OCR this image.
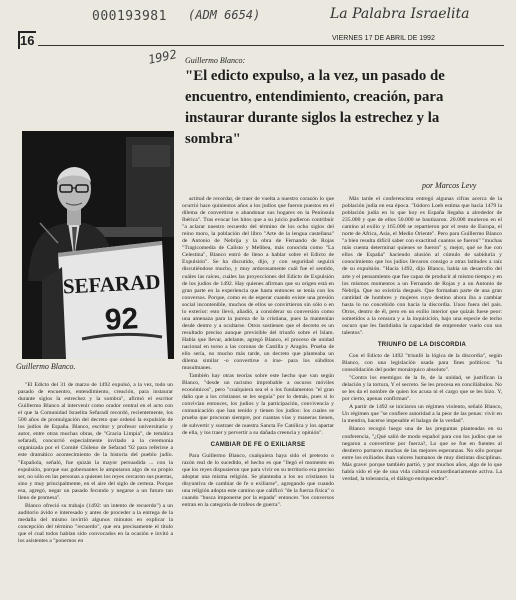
000193981 (ADM 6654)
1992
La Palabra Israelita
16	VIERNES 17 DE ABRIL DE 1992
Guillermo Blanco:
"El edicto expulso, a la vez, un pasado de encuentro, entendimiento, creación, para instaurar durante siglos la estrechez y la sombra"
por Marcos Levy
SEFARAD
92
Guillermo Blanco.

"El Edicto del 31 de marzo de 1492 expulsó, a la vez, todo un pasado de encuentro, entendimiento, creación, para instaurar durante siglos la estrechez y la sombra", afirmó el escritor Guillermo Blanco al intervenir como orador central en el acto con el que la Comunidad Israelita Sefaradí recordó, recientemente, los 500 años de promulgación del decreto que ordenó la expulsión de los judíos de España. Blanco, escritor y profesor universitario y autor, entre otras muchas obras, de "Gracia Limpia", de temática sefaradí, concurrió especialmente invitado a la ceremonia organizada por el Comité Chileno de Sefarad '92 para referirse a este dramático acontecimiento de la historia del pueblo judío. "Española, señaló, fue quizás la mayor persuadida ... con la expulsión, porque sus gobernantes le amputaron algo de su propio ser, no sólo en las personas a quienes los reyes cercaron sus puertas, sino y muy principalmente, en el aire del siglo de certeza. Porque esa, agregó, negar un pasado fecundo y negarse a un futuro tan lleno de promesa".

Blanco ofreció su trabajo (1492: un intento de recuerdo") a un auditorio ávido e interesado y antes de proceder a la entrega de la medalla del mismo invirtió algunos minutos en explicar la concepción del término "recuerdo", que era precisamente el título que el cual todos hablan sido convocados en la ocasión e invitó a los asistentes a "ponernos en

actitud de recordar, de traer de vuelta a nuestro corazón lo que ocurrió hace quinientos años a los judíos que fueron puestos en el dilema de convertirse o abandonar sus hogares en la Península Ibérica". Tras evocar los hitos que a su juicio pudieron contribuir "a aclarar nuestro recuerdo del término de los ocho siglos del reino moro, la población del libro "Arte de la lengua castellana" de Antonio de Nebrija y la obra de Fernando de Rojas "Tragicomedia de Calisto y Melibea, más conocida como "La Celestina", Blanco entró de lleno a hablar sobre el Edicto de Expulsión". Se ha discutido, dijo, y con seguridad seguirá discutiéndose mucho, y muy ardorosamente cuál fue el sentido, cuáles las raíces, cuáles las proyecciones del Edicto de Expulsión de los judíos de 1492. Hay quienes afirman que su origen está en gran parte en la experiencia que hasta entonces se tenía con los conversos. Porque, como es de esperar cuando existe una presión social incontenible, muchos de ellos se convirtieron sin sólo o en lo exterior: esto llevó, añadió, a considerar su conversión como una amenaza para la pureza de la cristiana, pues la mantenían desde dentro y a ocultarse. Otros sostienen que el decreto es un resultado preciso aunque previsible del triunfo sobre el Islam. Había que llevar, adelante, agregó Blanco, el proceso de unidad nacional en torno a las coronas de Castilla y Aragón. Prueba de ello sería, no mucho más tarde, un decreto que planteaba un dilema similar -o convertirse o irse- para los súbditos musulmanes.

También hay otras teorías sobre este hecho que van según Blanco, "desde un racismo improbable a oscuros móviles económicos", pero "cualquiera sea el o los fundamentos "el gran daño que a los cristianos se les seguía" por lo demás, pues si lo convivían entonces, los judíos y la participación, convivencia y comunicación que han tenido y tienen los judíos: los cuales se prueba que procuran siempre, por cuantas vías y maneras tienen, de subvertir y sustraer de nuestra Sancta Fe Católica y los apartar de ella, y los traer y pervertir a su dañada creencia y opinión".

CAMBIAR DE FE O EXILIARSE

Para Guillermo Blanco, cualquiera haya sido el pretexto o razón real de lo sucedido, el hecho es que "llegó el momento en que los reyes dispusieron que para vivir en su territorio era preciso adoptar una misma religión. Se planteaba a los no cristianos la disyuntiva de cambiar de fe o exiliarse", agregando que cuando una religión adopta este camino que calificó "de la fuerza física" o cuando "busca imponerse por la espada" entonces "los conversos entran en la categoría de trofeos de guerra".

Más tarde el conferencista entregó algunas cifras acerca de la población judía en esa época. "Isidoro Loeb estima que hacia 1479 la población judía en lo que hoy es España llegaba a alrededor de 235.000 y que de ellos 50.000 se bautizaron. 20.000 murieron en el camino al exilio y 165.000 se repartieron por el resto de Europa, el norte de Africa, Asia, el Medio Oriente". Pero para Guillermo Blanco "a bien resulta difícil saber con exactitud cuantos se fueron" "muchas más cuenta determinar quienes se fueron" y, mejor, qué se fue con ellos de España" haciendo alusión al cúmulo de sabiduría y conocimiento que los judíos llevaron consigo a otras latitudes a raíz de su expulsión. "Hacia 1492, dijo Blanco, había un desarrollo del arte y el pensamiento que fue capaz de producir al mismo tiempo y en los mismos momentos a un Fernando de Rojas y a un Antonio de Nebrija. Que no existiría después. Que formaban parte de una gran cantidad de hombres y mujeres cuyo destino ahora iba a cambiar hasta lo no concebido con hacia la discordia. Unos fuera del país. Otros, dentro de él, pero en un exilio interior que quizás fuese peor: sometidos a la censura y a la inquisición, bajo una especie de techo oscuro que les fastidiaba la capacidad de emprender vuelo con sus talentos".

TRIUNFO DE LA DISCORDIA

Con el Edicto de 1492 "triunfó la lógica de la discordia", según Blanco, con una legislación usada para fines políticos: "la consolidación del poder monárquico absoluto".

"Contra los enemigos de la fe, de la unidad, se justifican la delación y la tortura, Y el secreto. Se les procesa en conciliábulos. No se les da el nombre de quien los acusa ni el cargo que se les hizo. Y, por cierto, apenas confirman".

A partir de 1492 se iniciaron un régimen violento, señaló Blanco, Un régimen que "se confiere autoridad a la peor de las penas: vivir en la mentira, hacerse impesable el halago de la verdad".

Blanco recogió luego una de las preguntas planteadas en su conferencia, "¿Qué salió de modo español para con los judíos que se negaron a convertirse por fuerza?, Lo que se fue en fuentes al destierro portaron muchas de las mejores esperanzas. No sólo porque entre los exiliados iban valores humanos de muy distintas disciplinas. Más grave: porque también partió, y por muchos años, algo de lo que había sido el eje de una vida cultural extraordinariamente activa. La verdad, la tolerancia, el diálogo enriquecedor".
